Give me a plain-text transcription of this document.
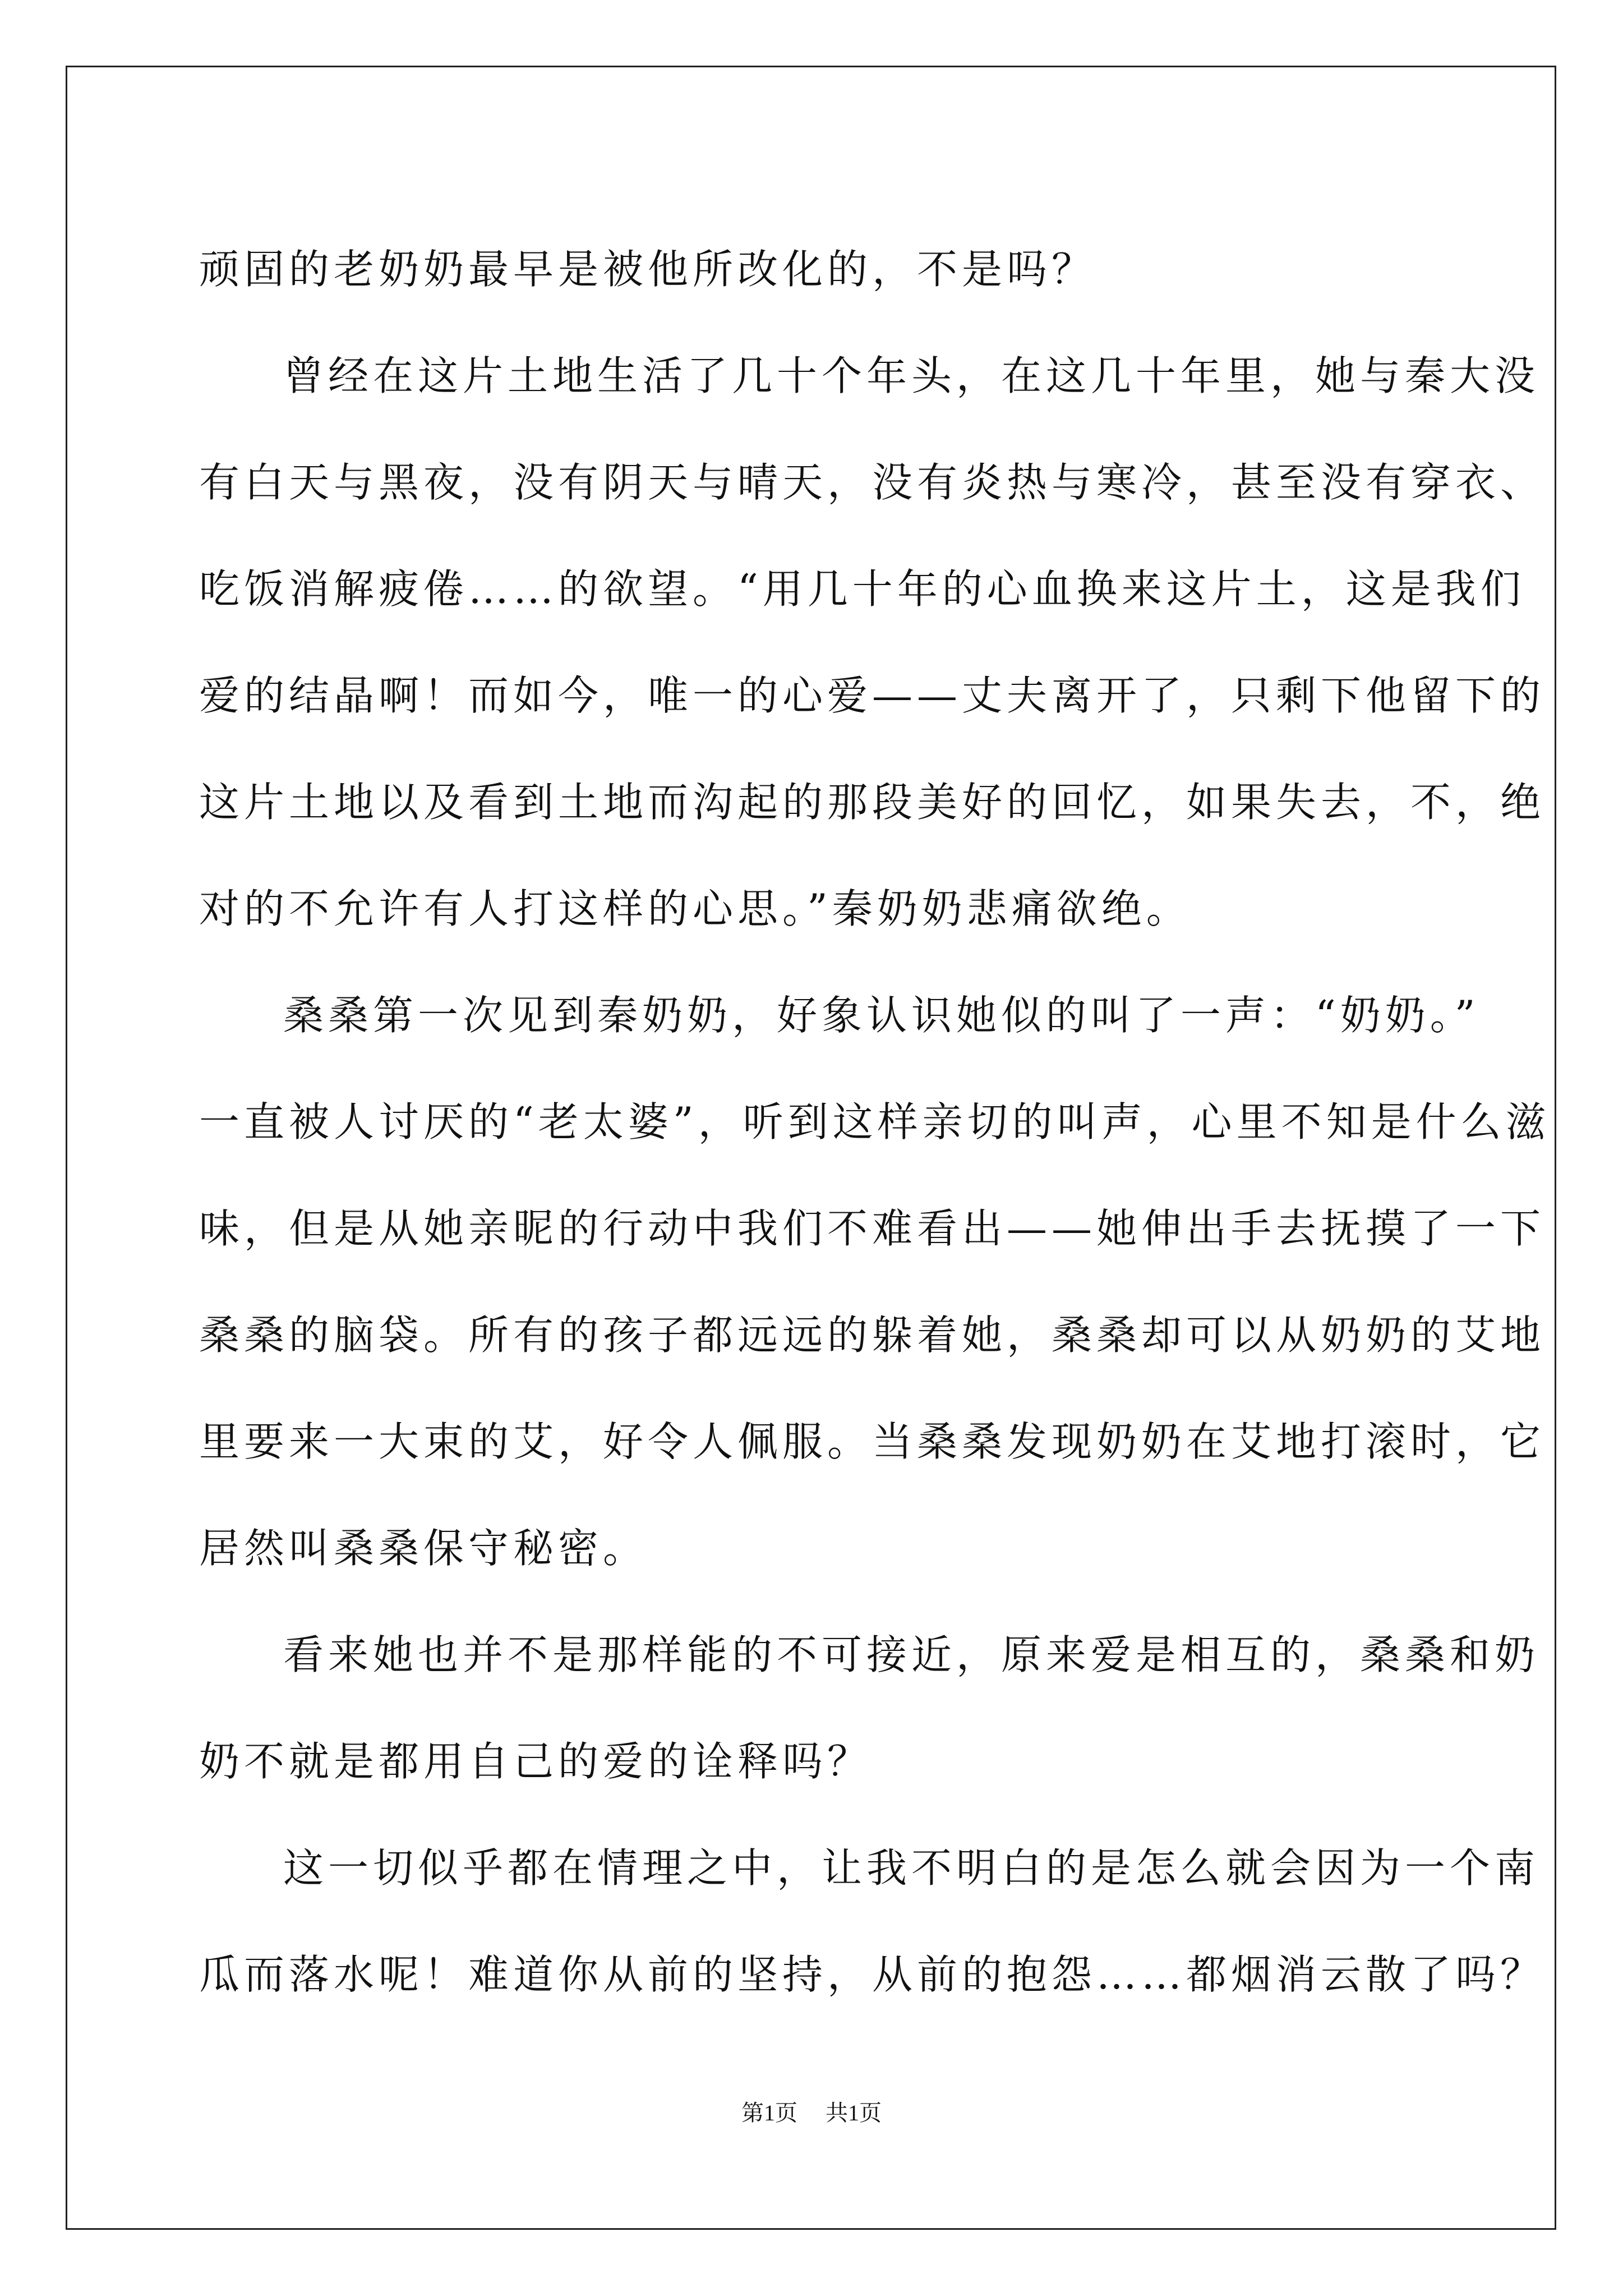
顽固的老奶奶最早是被他所改化的，不是吗？
曾经在这片土地生活了几十个年头，在这几十年里，她与秦大没
有白天与黑夜，没有阴天与晴天，没有炎热与寒冷，甚至没有穿衣、
吃饭消解疲倦……的欲望。“用几十年的心血换来这片土，这是我们
爱的结晶啊！而如今，唯一的心爱——丈夫离开了，只剩下他留下的
这片土地以及看到土地而沟起的那段美好的回忆，如果失去，不，绝
对的不允许有人打这样的心思。”秦奶奶悲痛欲绝。
桑桑第一次见到秦奶奶，好象认识她似的叫了一声：“奶奶。”
一直被人讨厌的“老太婆”，听到这样亲切的叫声，心里不知是什么滋
味，但是从她亲昵的行动中我们不难看出——她伸出手去抚摸了一下
桑桑的脑袋。所有的孩子都远远的躲着她，桑桑却可以从奶奶的艾地
里要来一大束的艾，好令人佩服。当桑桑发现奶奶在艾地打滚时，它
居然叫桑桑保守秘密。
看来她也并不是那样能的不可接近，原来爱是相互的，桑桑和奶
奶不就是都用自己的爱的诠释吗？
这一切似乎都在情理之中，让我不明白的是怎么就会因为一个南
瓜而落水呢！难道你从前的坚持，从前的抱怨……都烟消云散了吗？
第1页 共1页
